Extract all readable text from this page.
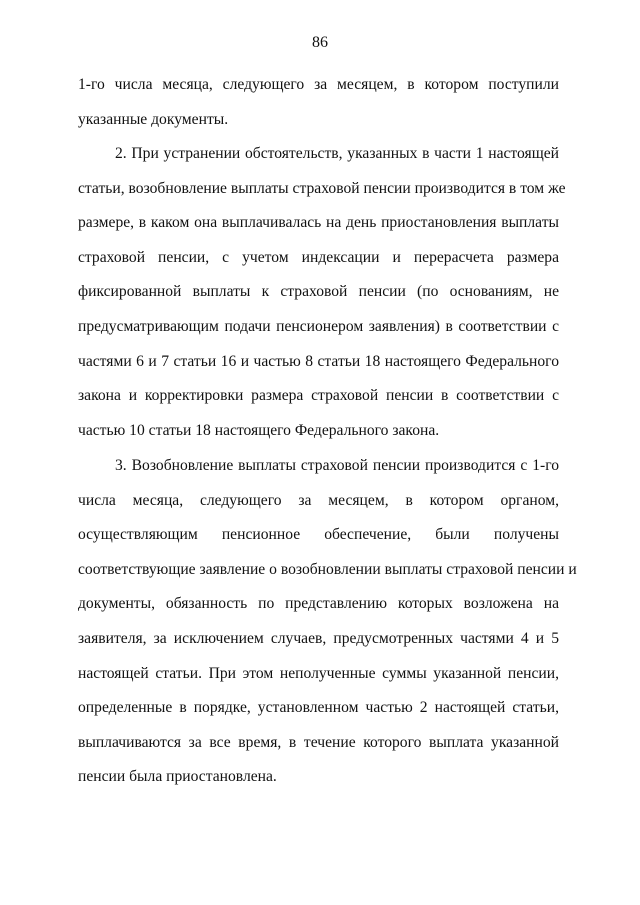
86
1-го числа месяца, следующего за месяцем, в котором поступили
указанные документы.
2. При устранении обстоятельств, указанных в части 1 настоящей
статьи, возобновление выплаты страховой пенсии производится в том же
размере, в каком она выплачивалась на день приостановления выплаты
страховой пенсии, с учетом индексации и перерасчета размера
фиксированной выплаты к страховой пенсии (по основаниям, не
предусматривающим подачи пенсионером заявления) в соответствии с
частями 6 и 7 статьи 16 и частью 8 статьи 18 настоящего Федерального
закона и корректировки размера страховой пенсии в соответствии с
частью 10 статьи 18 настоящего Федерального закона.
3. Возобновление выплаты страховой пенсии производится с 1-го
числа месяца, следующего за месяцем, в котором органом,
осуществляющим пенсионное обеспечение, были получены
соответствующие заявление о возобновлении выплаты страховой пенсии и
документы, обязанность по представлению которых возложена на
заявителя, за исключением случаев, предусмотренных частями 4 и 5
настоящей статьи. При этом неполученные суммы указанной пенсии,
определенные в порядке, установленном частью 2 настоящей статьи,
выплачиваются за все время, в течение которого выплата указанной
пенсии была приостановлена.
